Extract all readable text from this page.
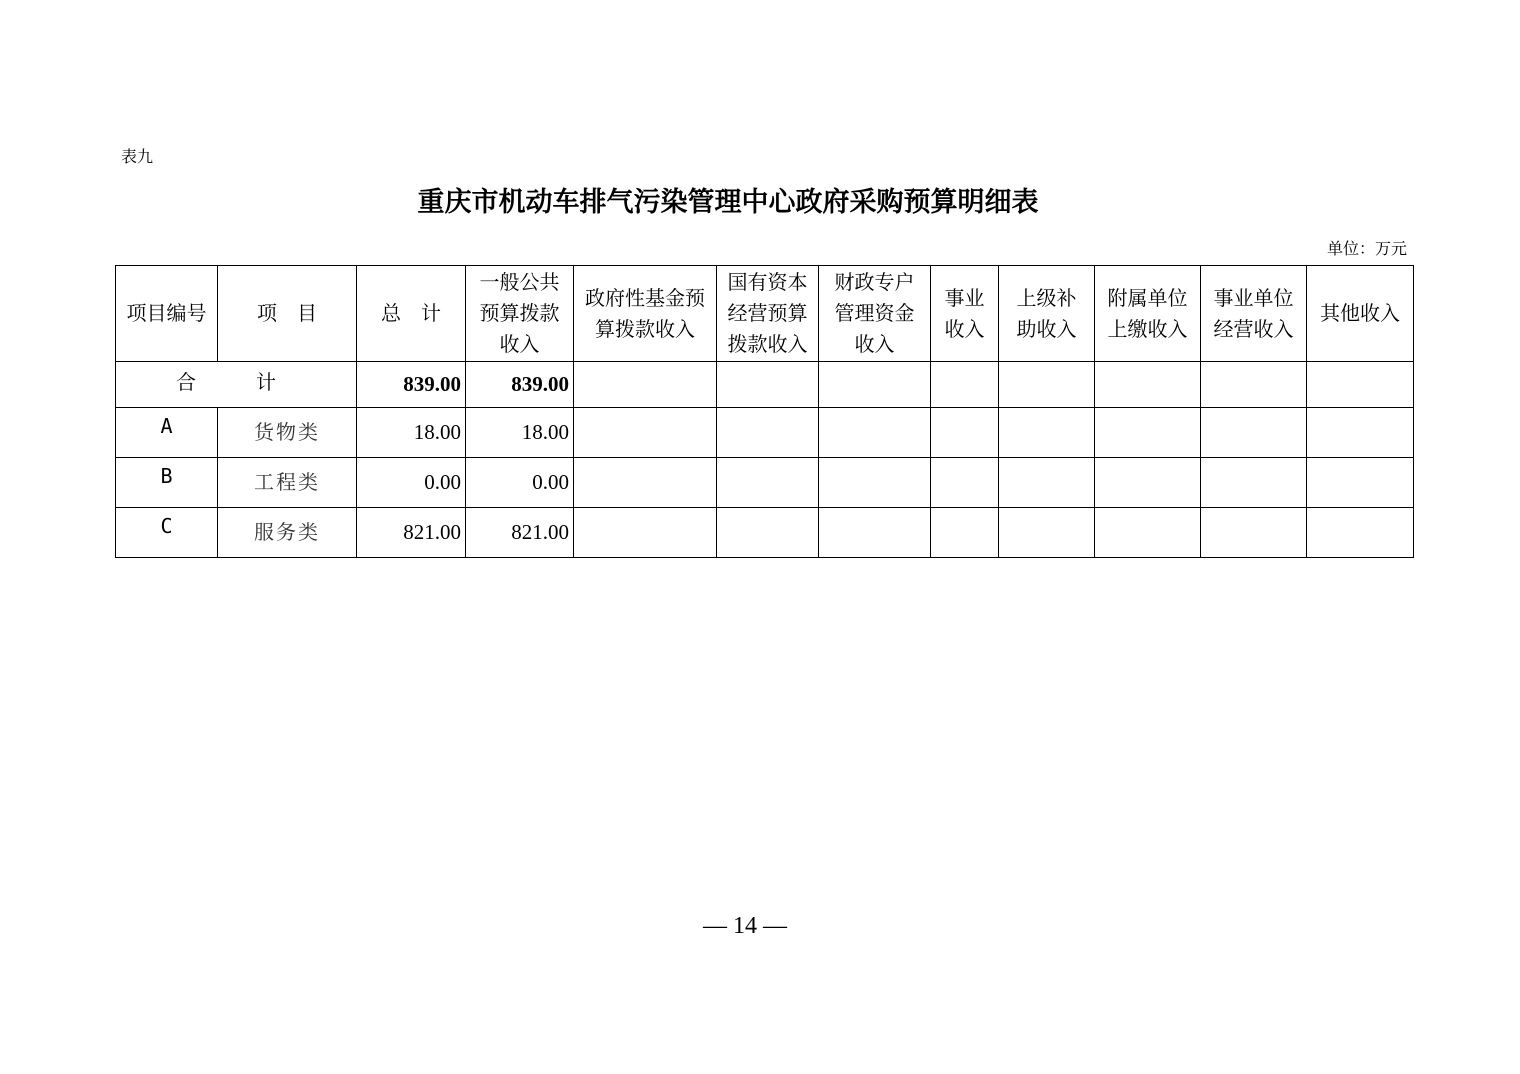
表九
重庆市机动车排气污染管理中心政府采购预算明细表
单位：万元
项目编号	项　目	总　计	一般公共预算拨款收入	政府性基金预算拨款收入	国有资本经营预算拨款收入	财政专户管理资金收入	事业收入	上级补助收入	附属单位上缴收入	事业单位经营收入	其他收入
合　计		839.00	839.00								
A	货物类	18.00	18.00								
B	工程类	0.00	0.00								
C	服务类	821.00	821.00								
— 14 —
